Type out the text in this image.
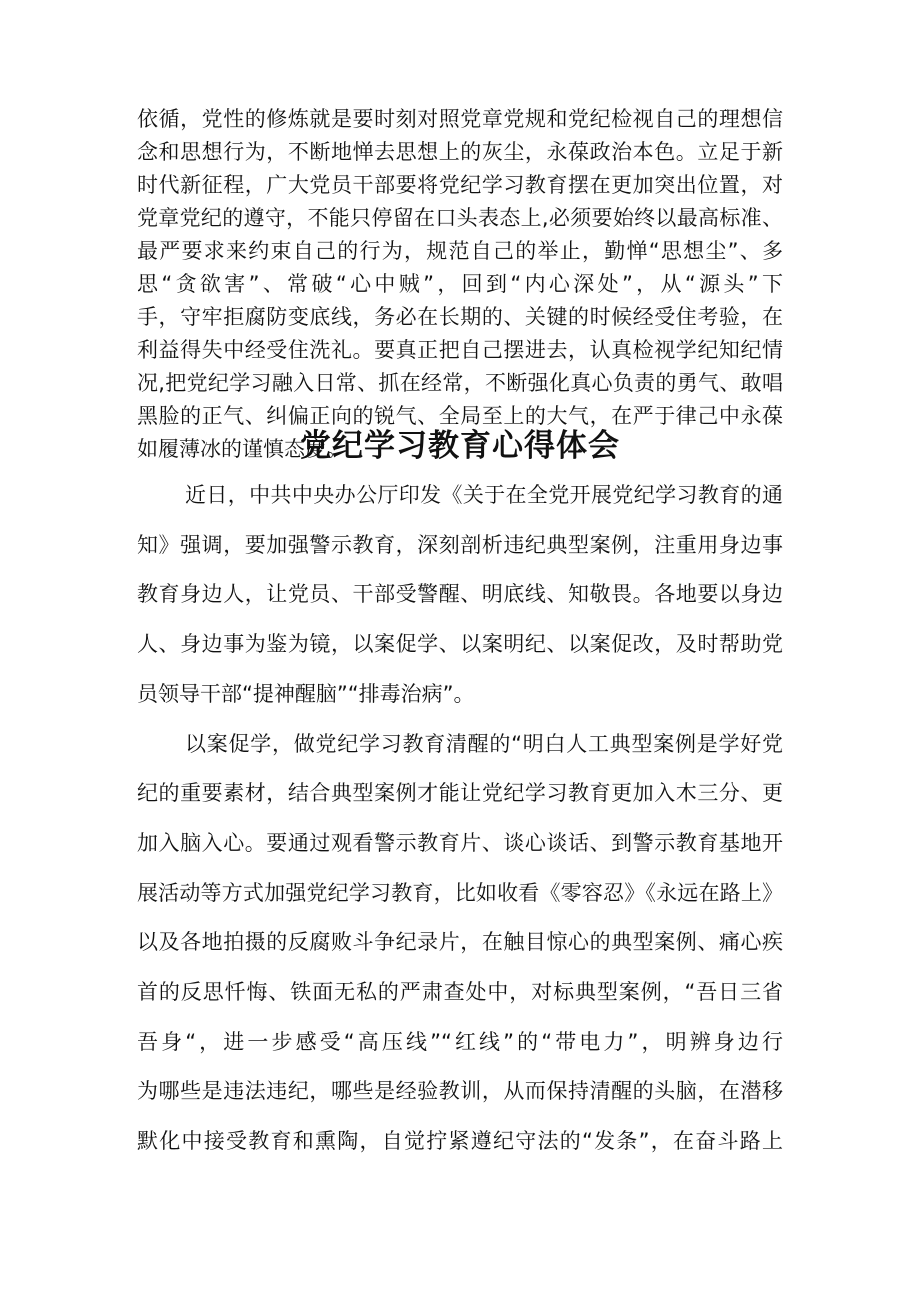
依循，党性的修炼就是要时刻对照党章党规和党纪检视自己的理想信
念和思想行为，不断地惮去思想上的灰尘，永葆政治本色。立足于新
时代新征程，广大党员干部要将党纪学习教育摆在更加突出位置，对
党章党纪的遵守，不能只停留在口头表态上,必须要始终以最高标准、
最严要求来约束自己的行为，规范自己的举止，勤惮“思想尘”、多
思“贪欲害”、常破“心中贼”，回到“内心深处”，从“源头”下
手，守牢拒腐防变底线，务必在长期的、关键的时候经受住考验，在
利益得失中经受住洗礼。要真正把自己摆进去，认真检视学纪知纪情
况,把党纪学习融入日常、抓在经常，不断强化真心负责的勇气、敢唱
黑脸的正气、纠偏正向的锐气、全局至上的大气，在严于律己中永葆
如履薄冰的谨慎态度。
党纪学习教育心得体会
近日，中共中央办公厅印发《关于在全党开展党纪学习教育的通
知》强调，要加强警示教育，深刻剖析违纪典型案例，注重用身边事
教育身边人，让党员、干部受警醒、明底线、知敬畏。各地要以身边
人、身边事为鉴为镜，以案促学、以案明纪、以案促改，及时帮助党
员领导干部“提神醒脑”“排毒治病”。
以案促学，做党纪学习教育清醒的“明白人工典型案例是学好党
纪的重要素材，结合典型案例才能让党纪学习教育更加入木三分、更
加入脑入心。要通过观看警示教育片、谈心谈话、到警示教育基地开
展活动等方式加强党纪学习教育，比如收看《零容忍》《永远在路上》
以及各地拍摄的反腐败斗争纪录片，在触目惊心的典型案例、痛心疾
首的反思忏悔、铁面无私的严肃查处中，对标典型案例，“吾日三省
吾身“，进一步感受“高压线”“红线”的“带电力”，明辨身边行
为哪些是违法违纪，哪些是经验教训，从而保持清醒的头脑，在潜移
默化中接受教育和熏陶，自觉拧紧遵纪守法的“发条”，在奋斗路上
